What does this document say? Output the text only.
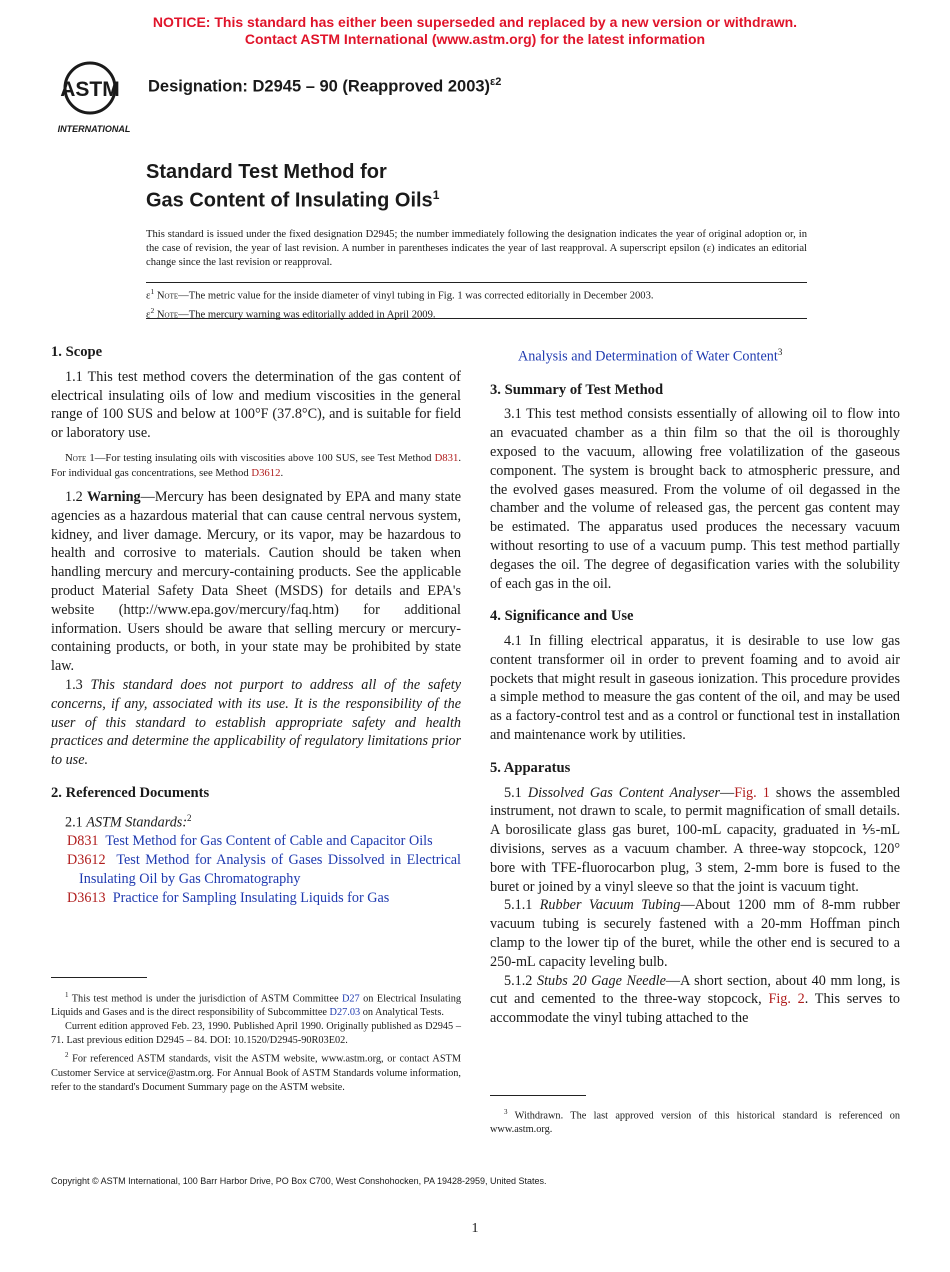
NOTICE: This standard has either been superseded and replaced by a new version or withdrawn.
Contact ASTM International (www.astm.org) for the latest information
ASTM
INTERNATIONAL
Designation: D2945 – 90 (Reapproved 2003)$^{\varepsilon 2}$
Standard Test Method for
Gas Content of Insulating Oils$^1$
This standard is issued under the fixed designation D2945; the number immediately following the designation indicates the year of original adoption or, in the case of revision, the year of last revision. A number in parentheses indicates the year of last reapproval. A superscript epsilon (ε) indicates an editorial change since the last revision or reapproval.
$\varepsilon^1$ Note—The metric value for the inside diameter of vinyl tubing in Fig. 1 was corrected editorially in December 2003.
$\varepsilon^2$ Note—The mercury warning was editorially added in April 2009.
1. Scope

1.1 This test method covers the determination of the gas content of electrical insulating oils of low and medium viscosities in the general range of 100 SUS and below at 100°F (37.8°C), and is suitable for field or laboratory use.

Note 1—For testing insulating oils with viscosities above 100 SUS, see Test Method D831. For individual gas concentrations, see Method D3612.

1.2 Warning—Mercury has been designated by EPA and many state agencies as a hazardous material that can cause central nervous system, kidney, and liver damage. Mercury, or its vapor, may be hazardous to health and corrosive to materials. Caution should be taken when handling mercury and mercury-containing products. See the applicable product Material Safety Data Sheet (MSDS) for details and EPA's website (http://www.epa.gov/mercury/faq.htm) for additional information. Users should be aware that selling mercury or mercury-containing products, or both, in your state may be prohibited by state law.

1.3 This standard does not purport to address all of the safety concerns, if any, associated with its use. It is the responsibility of the user of this standard to establish appropriate safety and health practices and determine the applicability of regulatory limitations prior to use.

2. Referenced Documents

2.1 ASTM Standards:$^2$

D831 Test Method for Gas Content of Cable and Capacitor Oils

D3612 Test Method for Analysis of Gases Dissolved in Electrical Insulating Oil by Gas Chromatography

D3613 Practice for Sampling Insulating Liquids for Gas

$^1$ This test method is under the jurisdiction of ASTM Committee D27 on Electrical Insulating Liquids and Gases and is the direct responsibility of Subcommittee D27.03 on Analytical Tests.

Current edition approved Feb. 23, 1990. Published April 1990. Originally published as D2945 – 71. Last previous edition D2945 – 84. DOI: 10.1520/D2945-90R03E02.

$^2$ For referenced ASTM standards, visit the ASTM website, www.astm.org, or contact ASTM Customer Service at service@astm.org. For Annual Book of ASTM Standards volume information, refer to the standard's Document Summary page on the ASTM website.

Analysis and Determination of Water Content$^3$

3. Summary of Test Method

3.1 This test method consists essentially of allowing oil to flow into an evacuated chamber as a thin film so that the oil is thoroughly exposed to the vacuum, allowing free volatilization of the gaseous component. The system is brought back to atmospheric pressure, and the evolved gases measured. From the volume of oil degassed in the chamber and the volume of released gas, the percent gas content may be estimated. The apparatus used produces the necessary vacuum without resorting to use of a vacuum pump. This test method partially degases the oil. The degree of degasification varies with the solubility of each gas in the oil.

4. Significance and Use

4.1 In filling electrical apparatus, it is desirable to use low gas content transformer oil in order to prevent foaming and to avoid air pockets that might result in gaseous ionization. This procedure provides a simple method to measure the gas content of the oil, and may be used as a factory-control test and as a control or functional test in installation and maintenance work by utilities.

5. Apparatus

5.1 Dissolved Gas Content Analyser—Fig. 1 shows the assembled instrument, not drawn to scale, to permit magnification of small details. A borosilicate glass gas buret, 100-mL capacity, graduated in ⅕-mL divisions, serves as a vacuum chamber. A three-way stopcock, 120° bore with TFE-fluorocarbon plug, 3 stem, 2-mm bore is fused to the buret or joined by a vinyl sleeve so that the joint is vacuum tight.

5.1.1 Rubber Vacuum Tubing—About 1200 mm of 8-mm rubber vacuum tubing is securely fastened with a 20-mm Hoffman pinch clamp to the lower tip of the buret, while the other end is secured to a 250-mL capacity leveling bulb.

5.1.2 Stubs 20 Gage Needle—A short section, about 40 mm long, is cut and cemented to the three-way stopcock, Fig. 2. This serves to accommodate the vinyl tubing attached to the

$^3$ Withdrawn. The last approved version of this historical standard is referenced on www.astm.org.

Copyright © ASTM International, 100 Barr Harbor Drive, PO Box C700, West Conshohocken, PA 19428-2959, United States.
1
